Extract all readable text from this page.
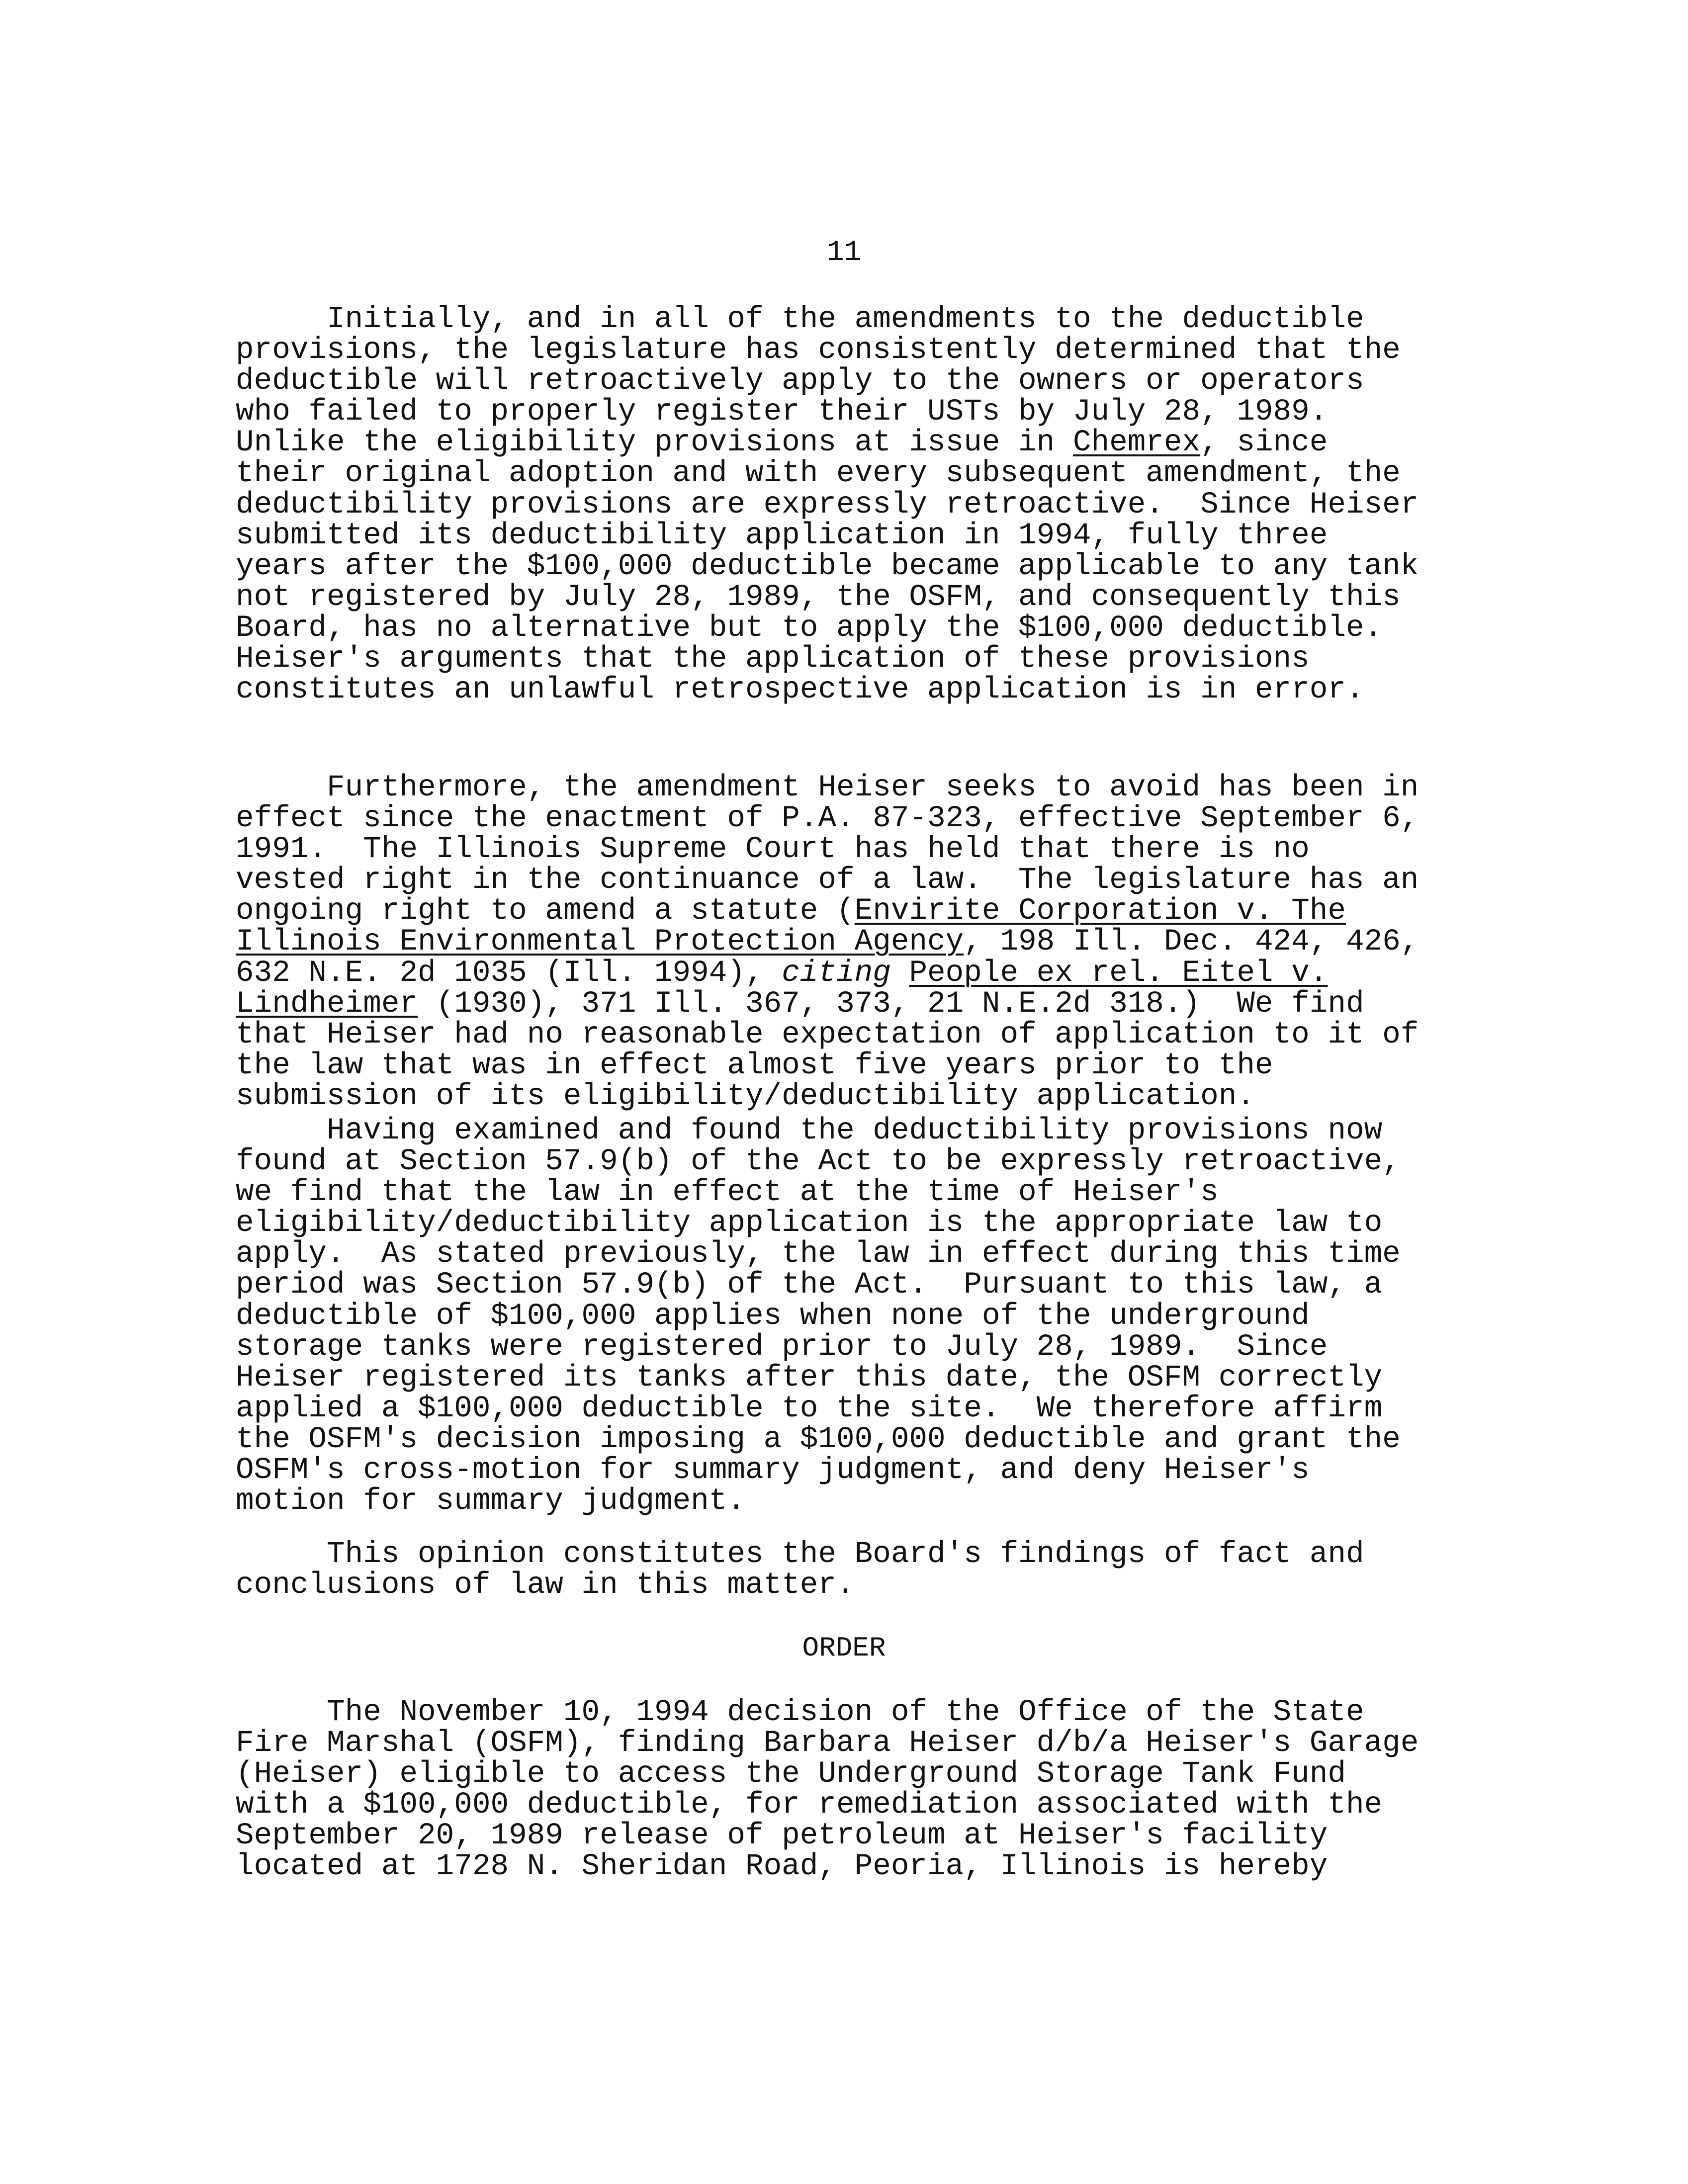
11
Initially, and in all of the amendments to the deductible
provisions, the legislature has consistently determined that the
deductible will retroactively apply to the owners or operators
who failed to properly register their USTs by July 28, 1989.
Unlike the eligibility provisions at issue in Chemrex, since
their original adoption and with every subsequent amendment, the
deductibility provisions are expressly retroactive.  Since Heiser
submitted its deductibility application in 1994, fully three
years after the $100,000 deductible became applicable to any tank
not registered by July 28, 1989, the OSFM, and consequently this
Board, has no alternative but to apply the $100,000 deductible.
Heiser's arguments that the application of these provisions
constitutes an unlawful retrospective application is in error.
Furthermore, the amendment Heiser seeks to avoid has been in
effect since the enactment of P.A. 87-323, effective September 6,
1991.  The Illinois Supreme Court has held that there is no
vested right in the continuance of a law.  The legislature has an
ongoing right to amend a statute (Envirite Corporation v. The
Illinois Environmental Protection Agency, 198 Ill. Dec. 424, 426,
632 N.E. 2d 1035 (Ill. 1994), citing People ex rel. Eitel v.
Lindheimer (1930), 371 Ill. 367, 373, 21 N.E.2d 318.)  We find
that Heiser had no reasonable expectation of application to it of
the law that was in effect almost five years prior to the
submission of its eligibility/deductibility application.
Having examined and found the deductibility provisions now
found at Section 57.9(b) of the Act to be expressly retroactive,
we find that the law in effect at the time of Heiser's
eligibility/deductibility application is the appropriate law to
apply.  As stated previously, the law in effect during this time
period was Section 57.9(b) of the Act.  Pursuant to this law, a
deductible of $100,000 applies when none of the underground
storage tanks were registered prior to July 28, 1989.  Since
Heiser registered its tanks after this date, the OSFM correctly
applied a $100,000 deductible to the site.  We therefore affirm
the OSFM's decision imposing a $100,000 deductible and grant the
OSFM's cross-motion for summary judgment, and deny Heiser's
motion for summary judgment.
This opinion constitutes the Board's findings of fact and
conclusions of law in this matter.
ORDER
The November 10, 1994 decision of the Office of the State
Fire Marshal (OSFM), finding Barbara Heiser d/b/a Heiser's Garage
(Heiser) eligible to access the Underground Storage Tank Fund
with a $100,000 deductible, for remediation associated with the
September 20, 1989 release of petroleum at Heiser's facility
located at 1728 N. Sheridan Road, Peoria, Illinois is hereby
